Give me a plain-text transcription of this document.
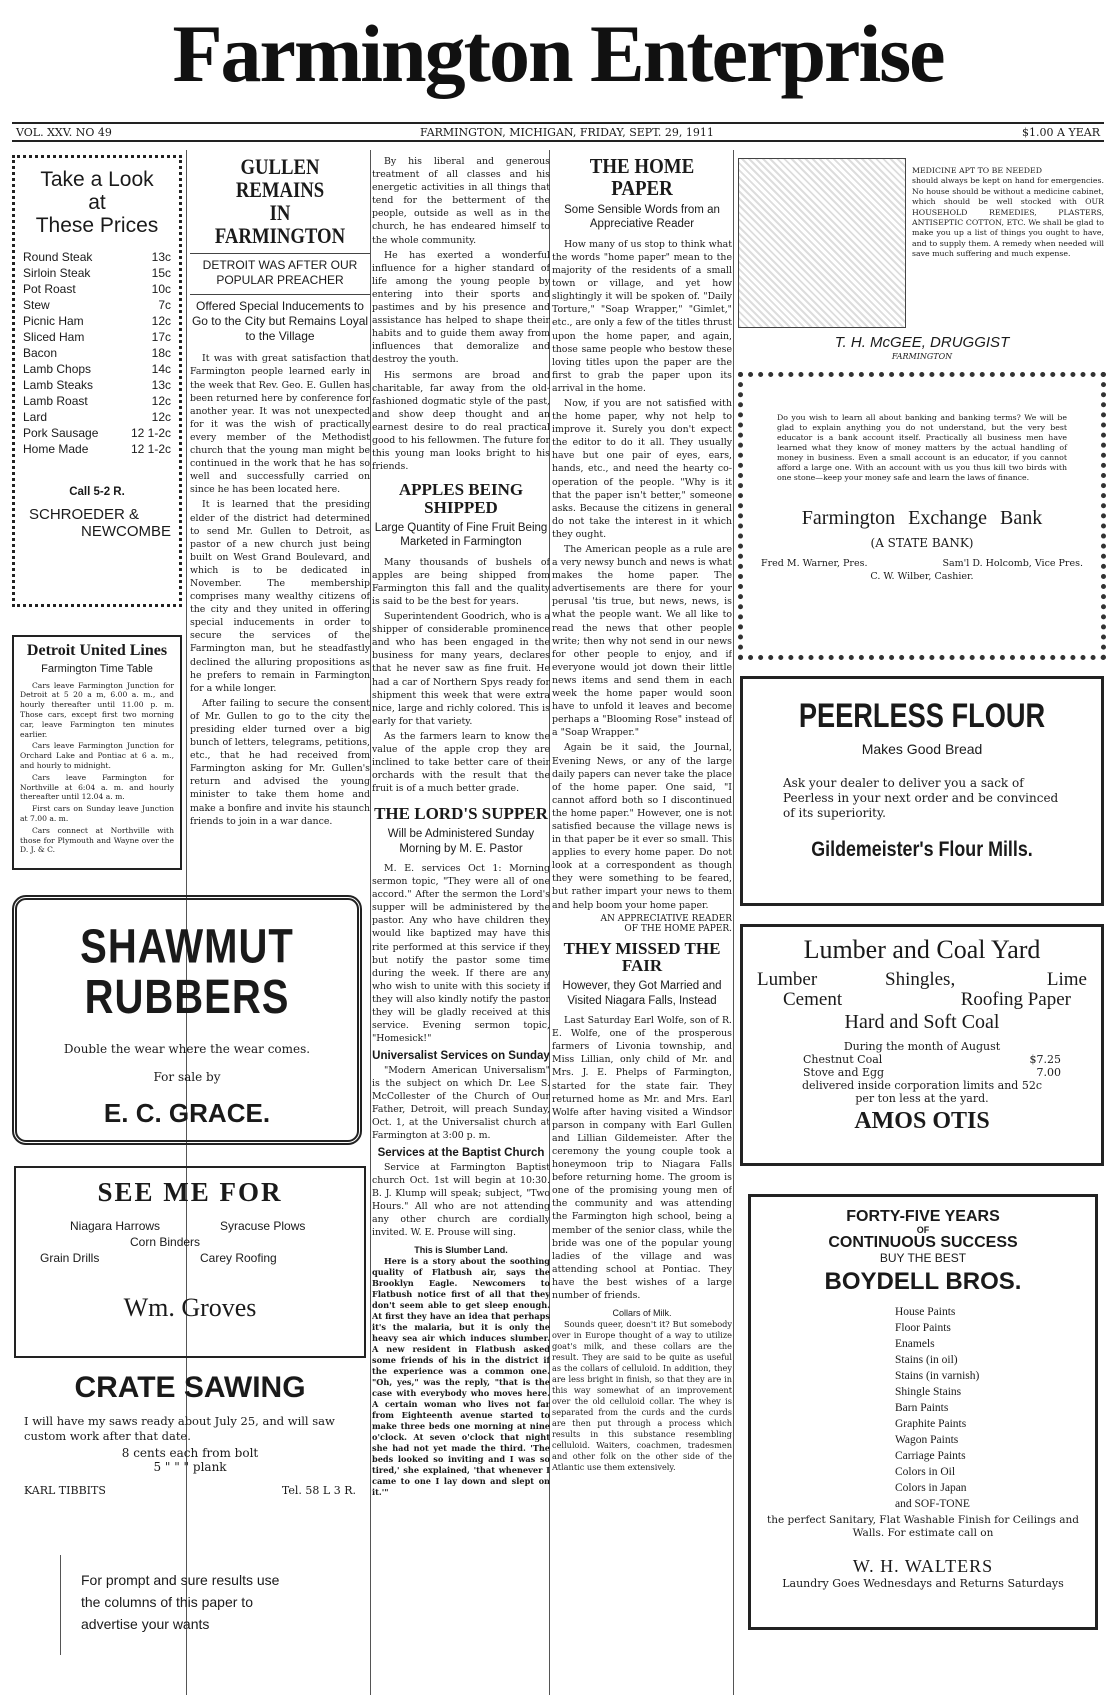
Farmington Enterprise
VOL. XXV. NO 49	FARMINGTON, MICHIGAN, FRIDAY, SEPT. 29, 1911	$1.00 A YEAR
Take a Look
at
These Prices
Round Steak	13c
Sirloin Steak	15c
Pot Roast	10c
Stew	7c
Picnic Ham	12c
Sliced Ham	17c
Bacon	18c
Lamb Chops	14c
Lamb Steaks	13c
Lamb Roast	12c
Lard	12c
Pork Sausage	12 1-2c
Home Made	12 1-2c
Call 5-2 R.
SCHROEDER &
NEWCOMBE
Detroit United Lines
Farmington Time Table

Cars leave Farmington Junction for Detroit at 5 20 a m, 6.00 a. m., and hourly thereafter until 11.00 p. m. Those cars, except first two morning car, leave Farmington ten minutes earlier.

Cars leave Farmington Junction for Orchard Lake and Pontiac at 6 a. m., and hourly to midnight.

Cars leave Farmington for Northville at 6:04 a. m. and hourly thereafter until 12.04 a. m.

First cars on Sunday leave Junction at 7.00 a. m.

Cars connect at Northville with those for Plymouth and Wayne over the D. J. & C.

SHAWMUT RUBBERS
Double the wear where the wear comes.
For sale by
E. C. GRACE.
SEE ME FOR
Niagara Harrows	Syracuse Plows
Corn Binders
Grain Drills	Carey Roofing
Wm. Groves
CRATE SAWING
I will have my saws ready about July 25, and will saw custom work after that date.
8 cents each from bolt
5 " " " plank
KARL TIBBITS	Tel. 58 L 3 R.
For prompt and sure results use the columns of this paper to advertise your wants
GULLEN REMAINS
IN FARMINGTON
DETROIT WAS AFTER OUR POPULAR PREACHER
Offered Special Inducements to Go to the City but Remains Loyal to the Village

It was with great satisfaction that Farmington people learned early in the week that Rev. Geo. E. Gullen has been returned here by conference for another year. It was not unexpected for it was the wish of practically every member of the Methodist church that the young man might be continued in the work that he has so well and successfully carried on since he has been located here.

It is learned that the presiding elder of the district had determined to send Mr. Gullen to Detroit, as pastor of a new church just being built on West Grand Boulevard, and which is to be dedicated in November. The membership comprises many wealthy citizens of the city and they united in offering special inducements in order to secure the services of the Farmington man, but he steadfastly declined the alluring propositions as he prefers to remain in Farmington for a while longer.

After failing to secure the consent of Mr. Gullen to go to the city the presiding elder turned over a big bunch of letters, telegrams, petitions, etc., that he had received from Farmington asking for Mr. Gullen's return and advised the young minister to take them home and make a bonfire and invite his staunch friends to join in a war dance.

By his liberal and generous treatment of all classes and his energetic activities in all things that tend for the betterment of the people, outside as well as in the church, he has endeared himself to the whole community.

He has exerted a wonderful influence for a higher standard of life among the young people by entering into their sports and pastimes and by his presence and assistance has helped to shape their habits and to guide them away from influences that demoralize and destroy the youth.

His sermons are broad and charitable, far away from the old-fashioned dogmatic style of the past, and show deep thought and an earnest desire to do real practical good to his fellowmen. The future for this young man looks bright to his friends.

APPLES BEING SHIPPED
Large Quantity of Fine Fruit Being Marketed in Farmington

Many thousands of bushels of apples are being shipped from Farmington this fall and the quality is said to be the best for years.

Superintendent Goodrich, who is a shipper of considerable prominence and who has been engaged in the business for many years, declares that he never saw as fine fruit. He had a car of Northern Spys ready for shipment this week that were extra nice, large and richly colored. This is early for that variety.

As the farmers learn to know the value of the apple crop they are inclined to take better care of their orchards with the result that the fruit is of a much better grade.

THE LORD'S SUPPER
Will be Administered Sunday Morning by M. E. Pastor

M. E. services Oct 1: Morning sermon topic, "They were all of one accord." After the sermon the Lord's supper will be administered by the pastor. Any who have children they would like baptized may have this rite performed at this service if they but notify the pastor some time during the week. If there are any who wish to unite with this society if they will also kindly notify the pastor they will be gladly received at this service. Evening sermon topic, "Homesick!"

Universalist Services on Sunday

"Modern American Universalism" is the subject on which Dr. Lee S. McCollester of the Church of Our Father, Detroit, will preach Sunday, Oct. 1, at the Universalist church at Farmington at 3:00 p. m.

Services at the Baptist Church

Service at Farmington Baptist church Oct. 1st will begin at 10:30. B. J. Klump will speak; subject, "Two Hours." All who are not attending any other church are cordially invited. W. E. Prouse will sing.

This is Slumber Land.

Here is a story about the soothing quality of Flatbush air, says the Brooklyn Eagle. Newcomers to Flatbush notice first of all that they don't seem able to get sleep enough. At first they have an idea that perhaps it's the malaria, but it is only the heavy sea air which induces slumber. A new resident in Flatbush asked some friends of his in the district if the experience was a common one. "Oh, yes," was the reply, "that is the case with everybody who moves here. A certain woman who lives not far from Eighteenth avenue started to make three beds one morning at nine o'clock. At seven o'clock that night she had not yet made the third. 'The beds looked so inviting and I was so tired,' she explained, 'that whenever I came to one I lay down and slept on it.'"

THE HOME PAPER
Some Sensible Words from an Appreciative Reader

How many of us stop to think what the words "home paper" mean to the majority of the residents of a small town or village, and yet how slightingly it will be spoken of. "Daily Torture," "Soap Wrapper," "Gimlet," etc., are only a few of the titles thrust upon the home paper, and again, those same people who bestow these loving titles upon the paper are the first to grab the paper upon its arrival in the home.

Now, if you are not satisfied with the home paper, why not help to improve it. Surely you don't expect the editor to do it all. They usually have but one pair of eyes, ears, hands, etc., and need the hearty co-operation of the people. "Why is it that the paper isn't better," someone asks. Because the citizens in general do not take the interest in it which they ought.

The American people as a rule are a very newsy bunch and news is what makes the home paper. The advertisements are there for your perusal 'tis true, but news, news, is what the people want. We all like to read the news that other people write; then why not send in our news for other people to enjoy, and if everyone would jot down their little news items and send them in each week the home paper would soon have to unfold it leaves and become perhaps a "Blooming Rose" instead of a "Soap Wrapper."

Again be it said, the Journal, Evening News, or any of the large daily papers can never take the place of the home paper. One said, "I cannot afford both so I discontinued the home paper." However, one is not satisfied because the village news is in that paper be it ever so small. This applies to every home paper. Do not look at a correspondent as though they were something to be feared, but rather impart your news to them and help boom your home paper.

AN APPRECIATIVE READER
OF THE HOME PAPER.
THEY MISSED THE FAIR
However, they Got Married and Visited Niagara Falls, Instead

Last Saturday Earl Wolfe, son of R. E. Wolfe, one of the prosperous farmers of Livonia township, and Miss Lillian, only child of Mr. and Mrs. J. E. Phelps of Farmington, started for the state fair. They returned home as Mr. and Mrs. Earl Wolfe after having visited a Windsor parson in company with Earl Gullen and Lillian Gildemeister. After the ceremony the young couple took a honeymoon trip to Niagara Falls before returning home. The groom is one of the promising young men of the community and was attending the Farmington high school, being a member of the senior class, while the bride was one of the popular young ladies of the village and was attending school at Pontiac. They have the best wishes of a large number of friends.

Collars of Milk.

Sounds queer, doesn't it? But somebody over in Europe thought of a way to utilize goat's milk, and these collars are the result. They are said to be quite as useful as the collars of celluloid. In addition, they are less bright in finish, so that they are in this way somewhat of an improvement over the old celluloid collar. The whey is separated from the curds and the curds are then put through a process which results in this substance resembling celluloid. Waiters, coachmen, tradesmen and other folk on the other side of the Atlantic use them extensively.

MEDICINE APT TO BE NEEDED
should always be kept on hand for emergencies. No house should be without a medicine cabinet, which should be well stocked with OUR HOUSEHOLD REMEDIES, PLASTERS, ANTISEPTIC COTTON, ETC. We shall be glad to make you up a list of things you ought to have, and to supply them. A remedy when needed will save much suffering and much expense.
T. H. McGEE, DRUGGIST
FARMINGTON
Do you wish to learn all about banking and banking terms? We will be glad to explain anything you do not understand, but the very best educator is a bank account itself. Practically all business men have learned what they know of money matters by the actual handling of money in business. Even a small account is an educator, if you cannot afford a large one. With an account with us you thus kill two birds with one stone—keep your money safe and learn the laws of finance.
Farmington Exchange Bank
(A STATE BANK)
Fred M. Warner, Pres.	Sam'l D. Holcomb, Vice Pres.
C. W. Wilber, Cashier.
PEERLESS FLOUR
Makes Good Bread
Ask your dealer to deliver you a sack of Peerless in your next order and be convinced of its superiority.
Gildemeister's Flour Mills.
Lumber and Coal Yard
Lumber	Shingles,	Lime
Cement	Roofing Paper
Hard and Soft Coal
During the month of August
Chestnut Coal	$7.25
Stove and Egg	7.00
delivered inside corporation limits and 52c per ton less at the yard.
AMOS OTIS
FORTY-FIVE YEARS
OF
CONTINUOUS SUCCESS
BUY THE BEST
BOYDELL BROS.
House Paints
Floor Paints
Enamels
Stains (in oil)
Stains (in varnish)
Shingle Stains
Barn Paints
Graphite Paints
Wagon Paints
Carriage Paints
Colors in Oil
Colors in Japan
and SOF-TONE
the perfect Sanitary, Flat Washable Finish for Ceilings and Walls. For estimate call on
W. H. WALTERS
Laundry Goes Wednesdays and Returns Saturdays
